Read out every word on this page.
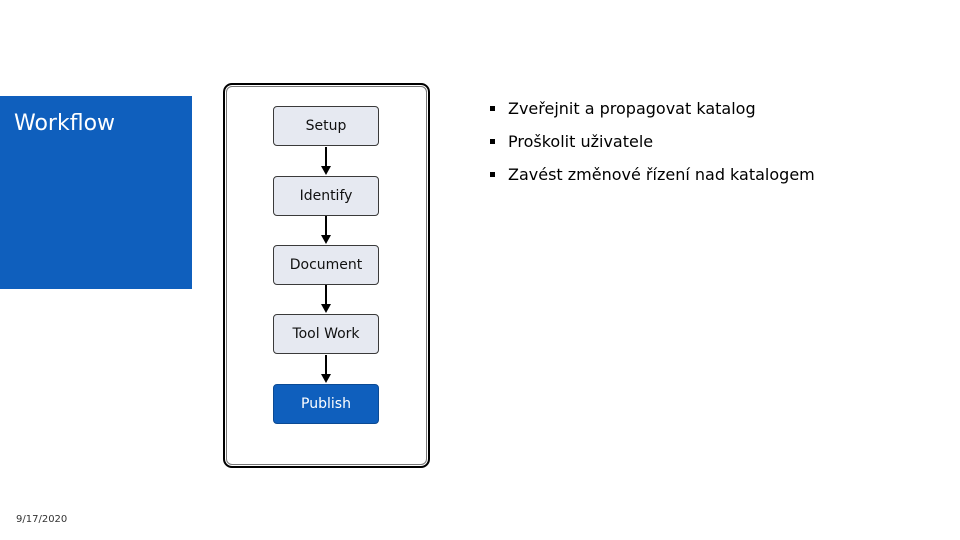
Workflow	Setup
Identify
Document
Tool Work
Publish
Zveřejnit a propagovat katalog
Proškolit uživatele
Zavést změnové řízení nad katalogem
9/17/2020
